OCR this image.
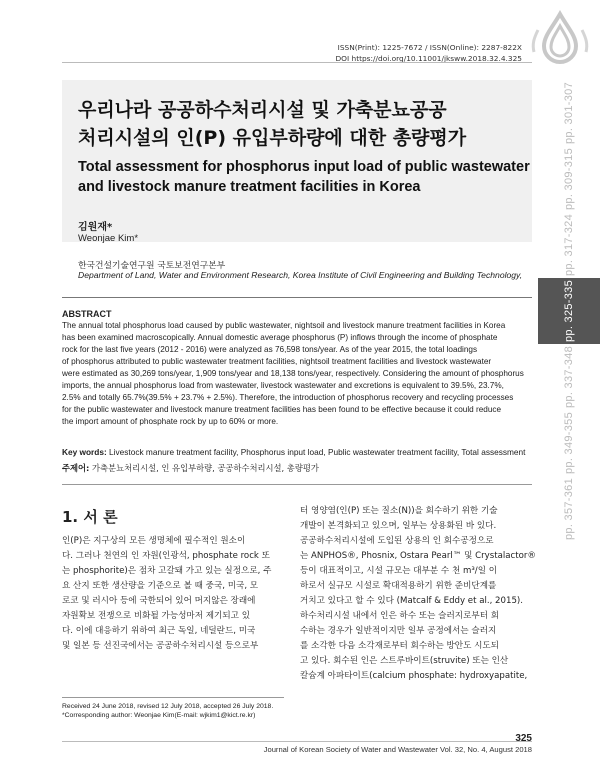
ISSN(Print): 1225-7672 / ISSN(Online): 2287-822X
DOI https://doi.org/10.11001/jksww.2018.32.4.325
pp. 301-307
pp. 309-315
pp. 317-324
pp. 325-335
pp. 337-348
pp. 349-355
pp. 357-361
우리나라 공공하수처리시설 및 가축분뇨공공
처리시설의 인(P) 유입부하량에 대한 총량평가
Total assessment for phosphorus input load of public wastewater
and livestock manure treatment facilities in Korea
김원재*
Weonjae Kim*
한국건설기술연구원 국토보전연구본부
Department of Land, Water and Environment Research, Korea Institute of Civil Engineering and Building Technology,
ABSTRACT
The annual total phosphorus load caused by public wastewater, nightsoil and livestock manure treatment facilities in Korea
has been examined macroscopically. Annual domestic average phosphorus (P) inflows through the income of phosphate
rock for the last five years (2012 - 2016) were analyzed as 76,598 tons/year. As of the year 2015, the total loadings
of phosphorus attributed to public wastewater treatment facilities, nightsoil treatment facilities and livestock wastewater
were estimated as 30,269 tons/year, 1,909 tons/year and 18,138 tons/year, respectively. Considering the amount of phosphorus
imports, the annual phosphorus load from wastewater, livestock wastewater and excretions is equivalent to 39.5%, 23.7%,
2.5% and totally 65.7%(39.5% + 23.7% + 2.5%). Therefore, the introduction of phosphorus recovery and recycling processes
for the public wastewater and livestock manure treatment facilities has been found to be effective because it could reduce
the import amount of phosphate rock by up to 60% or more.
Key words: Livestock manure treatment facility, Phosphorus input load, Public wastewater treatment facility, Total assessment
주제어: 가축분뇨처리시설, 인 유입부하량, 공공하수처리시설, 총량평가
1. 서 론
인(P)은 지구상의 모든 생명체에 필수적인 원소이
다. 그러나 천연의 인 자원(인광석, phosphate rock 또
는 phosphorite)은 점차 고갈돼 가고 있는 실정으로, 주
요 산지 또한 생산량을 기준으로 볼 때 중국, 미국, 모
로코 및 러시아 등에 국한되어 있어 머지않은 장래에
자원확보 전쟁으로 비화될 가능성마저 제기되고 있
다. 이에 대응하기 위하여 최근 독일, 네덜란드, 미국
및 일본 등 선진국에서는 공공하수처리시설 등으로부
터 영양염(인(P) 또는 질소(N))을 회수하기 위한 기술
개발이 본격화되고 있으며, 일부는 상용화된 바 있다.
공공하수처리시설에 도입된 상용의 인 회수공정으로
는 ANPHOS®, Phosnix, Ostara Pearl™ 및 Crystalactor®
등이 대표적이고, 시설 규모는 대부분 수 천 m³/일 이
하로서 실규모 시설로 확대적용하기 위한 준비단계를
거치고 있다고 할 수 있다 (Matcalf & Eddy et al., 2015).
하수처리시설 내에서 인은 하수 또는 슬러지로부터 회
수하는 경우가 일반적이지만 일부 공정에서는 슬러지
를 소각한 다음 소각재로부터 회수하는 방안도 시도되
고 있다. 회수된 인은 스트루바이트(struvite) 또는 인산
칼슘계 아파타이트(calcium phosphate: hydroxyapatite,
Received 24 June 2018, revised 12 July 2018, accepted 26 July 2018.
*Corresponding author: Weonjae Kim(E-mail: wjkim1@kict.re.kr)
325
Journal of Korean Society of Water and Wastewater Vol. 32, No. 4, August 2018
